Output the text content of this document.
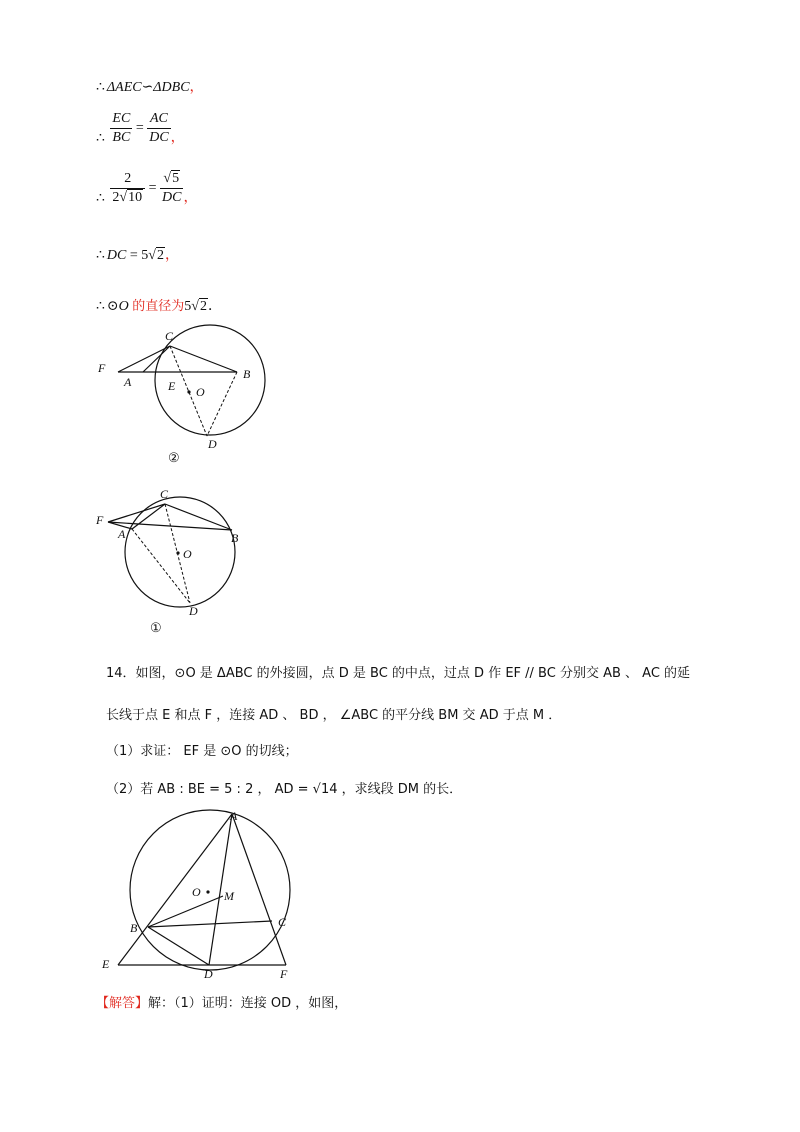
∴ ΔAEC∽ΔDBC，
∴ $\frac{EC}{BC} = \frac{AC}{DC}$ ，
∴ $\frac{2}{2√10} = \frac{√5}{DC}$ ，
∴ DC = 5√2，
∴ ⊙O 的直径为5√2．
C
F
A	E O
B
D
②
C
F
A
O
B
D
①
14．如图，⊙O 是 ΔABC 的外接圆，点 D 是 BC 的中点，过点 D 作 EF // BC 分别交 AB 、 AC 的延
长线于点 E 和点 F ，连接 AD 、 BD ， ∠ABC 的平分线 BM 交 AD 于点 M ．
（1）求证： EF 是 ⊙O 的切线；
（2）若 AB : BE = 5 : 2 ， AD = √14 ，求线段 DM 的长．
A
O M
B	C
E
D	F
【解答】解：（1）证明：连接 OD ，如图，
